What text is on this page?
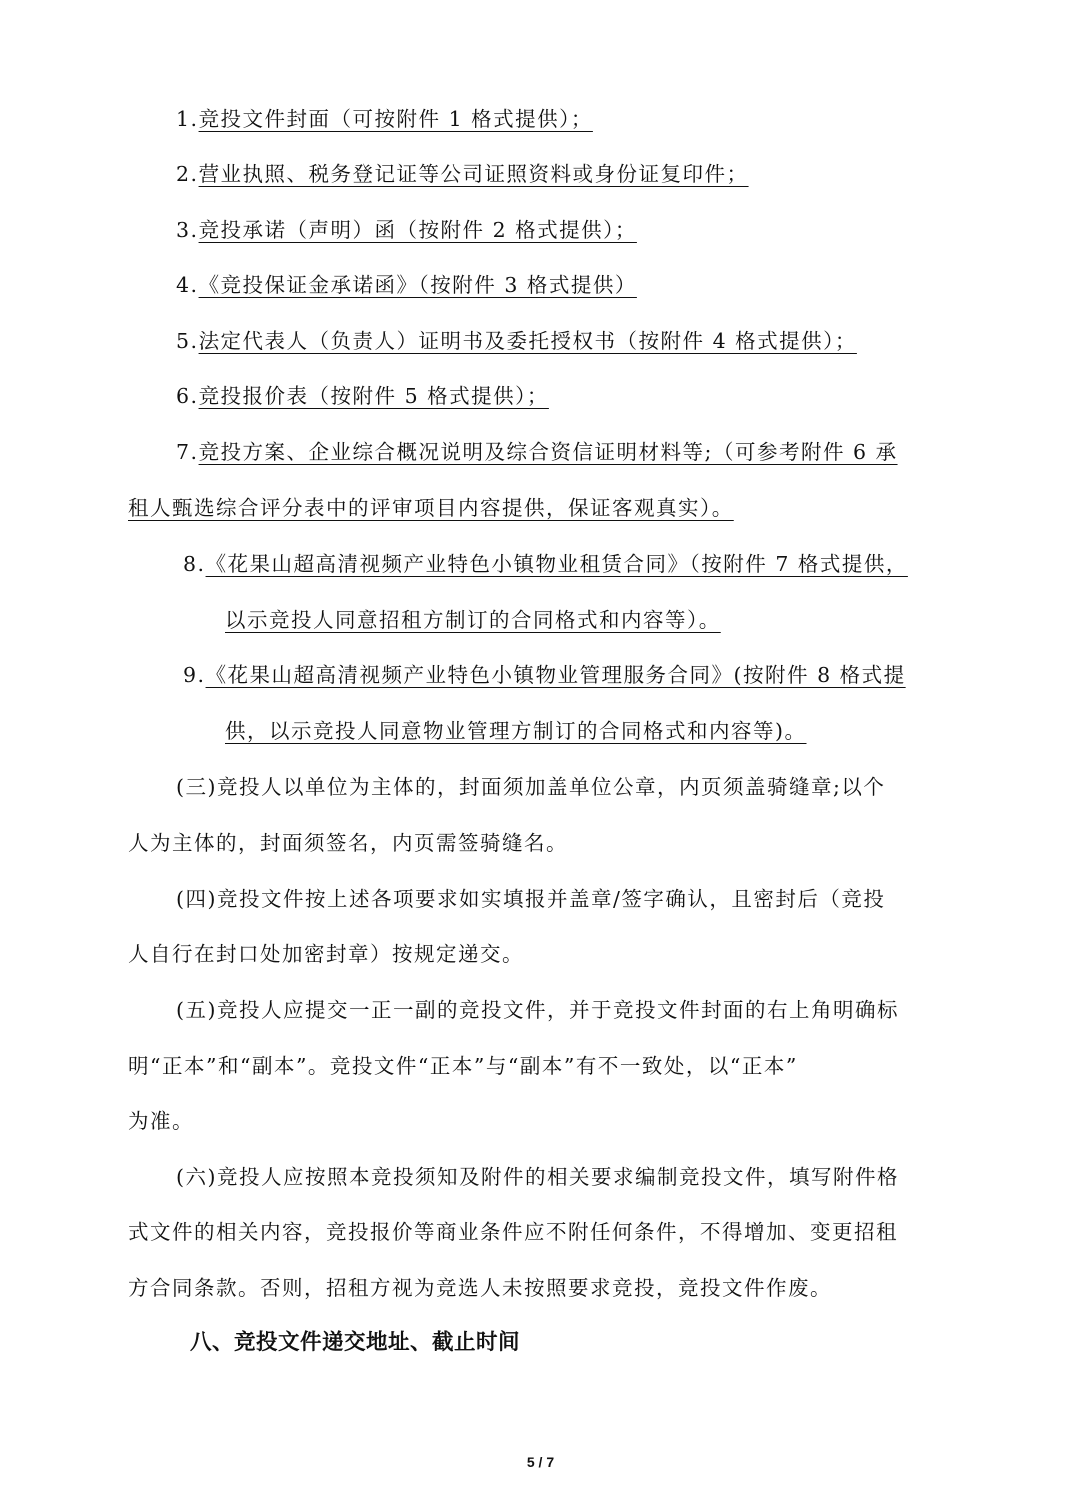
1.竞投文件封面（可按附件 1 格式提供）；
2.营业执照、税务登记证等公司证照资料或身份证复印件；
3.竞投承诺（声明）函（按附件 2 格式提供）；
4.《竞投保证金承诺函》（按附件 3 格式提供）
5.法定代表人（负责人）证明书及委托授权书（按附件 4 格式提供）；
6.竞投报价表（按附件 5 格式提供）；
7.竞投方案、企业综合概况说明及综合资信证明材料等;（可参考附件 6 承
租人甄选综合评分表中的评审项目内容提供，保证客观真实）。
8.《花果山超高清视频产业特色小镇物业租赁合同》（按附件 7 格式提供，
以示竞投人同意招租方制订的合同格式和内容等）。
9.《花果山超高清视频产业特色小镇物业管理服务合同》(按附件 8 格式提
供，以示竞投人同意物业管理方制订的合同格式和内容等)。
(三)竞投人以单位为主体的，封面须加盖单位公章，内页须盖骑缝章;以个
人为主体的，封面须签名，内页需签骑缝名。
(四)竞投文件按上述各项要求如实填报并盖章/签字确认，且密封后（竞投
人自行在封口处加密封章）按规定递交。
(五)竞投人应提交一正一副的竞投文件，并于竞投文件封面的右上角明确标
明“正本”和“副本”。竞投文件“正本”与“副本”有不一致处，以“正本”
为准。
(六)竞投人应按照本竞投须知及附件的相关要求编制竞投文件，填写附件格
式文件的相关内容，竞投报价等商业条件应不附任何条件，不得增加、变更招租
方合同条款。否则，招租方视为竞选人未按照要求竞投，竞投文件作废。
八、竞投文件递交地址、截止时间
5 / 7
